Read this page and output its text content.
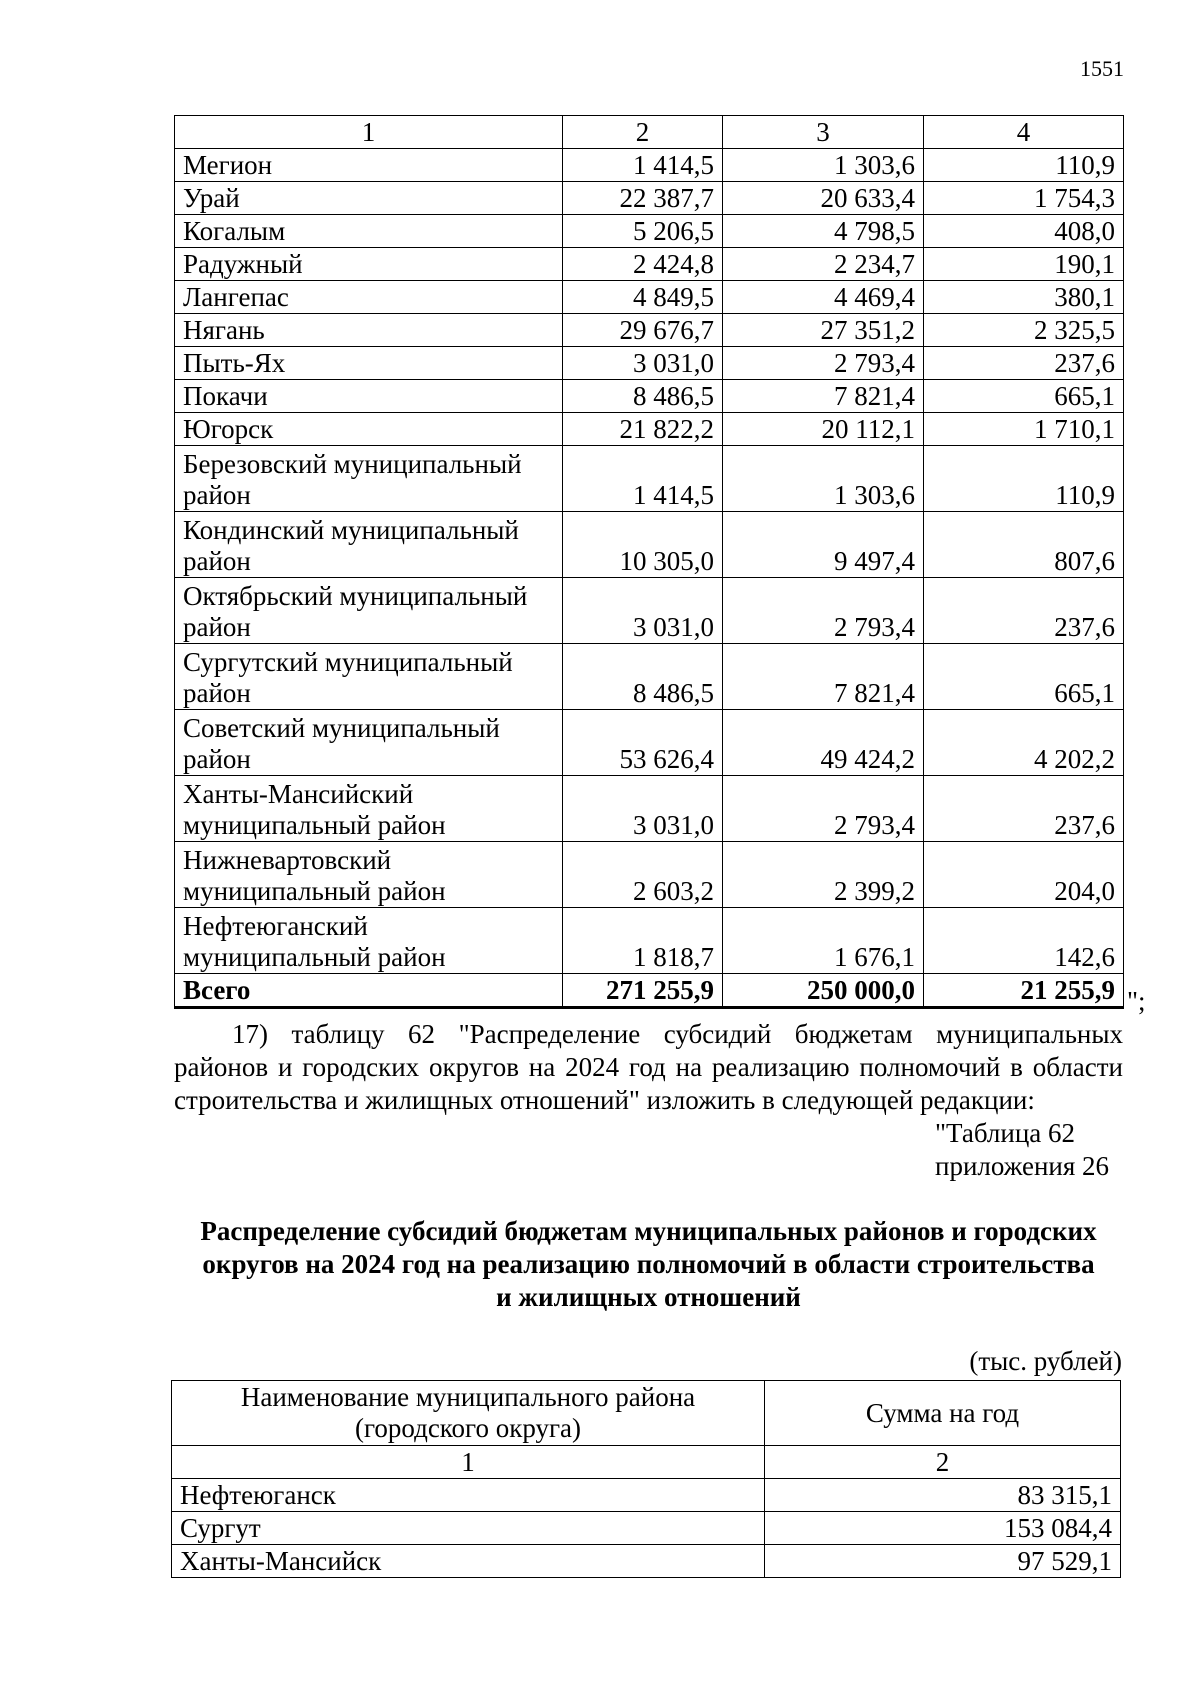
1551
1	2	3	4

Мегион	1 414,5	1 303,6	110,9

Урай	22 387,7	20 633,4	1 754,3

Когалым	5 206,5	4 798,5	408,0

Радужный	2 424,8	2 234,7	190,1

Лангепас	4 849,5	4 469,4	380,1

Нягань	29 676,7	27 351,2	2 325,5

Пыть-Ях	3 031,0	2 793,4	237,6

Покачи	8 486,5	7 821,4	665,1

Югорск	21 822,2	20 112,1	1 710,1

Березовский муниципальный
район	1 414,5	1 303,6	110,9

Кондинский муниципальный
район	10 305,0	9 497,4	807,6

Октябрьский муниципальный
район	3 031,0	2 793,4	237,6

Сургутский муниципальный
район	8 486,5	7 821,4	665,1

Советский муниципальный
район	53 626,4	49 424,2	4 202,2

Ханты-Мансийский
муниципальный район	3 031,0	2 793,4	237,6

Нижневартовский
муниципальный район	2 603,2	2 399,2	204,0

Нефтеюганский
муниципальный район	1 818,7	1 676,1	142,6
Всего	271 255,9	250 000,0	21 255,9 ";
17) таблицу 62 "Распределение субсидий бюджетам муниципальных
районов и городских округов на 2024 год на реализацию полномочий в области
строительства и жилищных отношений" изложить в следующей редакции:
"Таблица 62
приложения 26
Распределение субсидий бюджетам муниципальных районов и городских
округов на 2024 год на реализацию полномочий в области строительства
и жилищных отношений
(тыс. рублей)
Наименование муниципального района
(городского округа)	Сумма на год
1	2
Нефтеюганск	83 315,1
Сургут	153 084,4
Ханты-Мансийск	97 529,1
